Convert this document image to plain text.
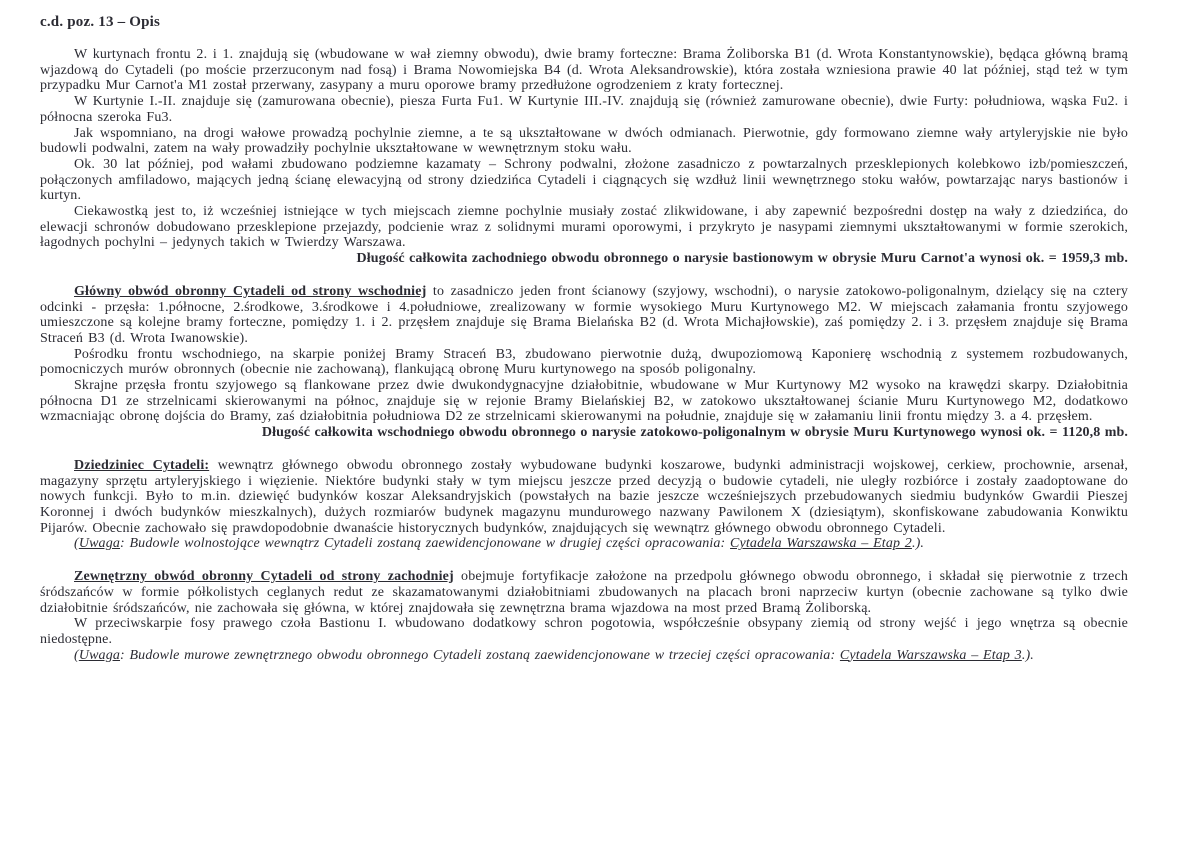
c.d. poz. 13 – Opis

W kurtynach frontu 2. i 1. znajdują się (wbudowane w wał ziemny obwodu), dwie bramy forteczne: Brama Żoliborska B1 (d. Wrota Konstantynowskie), będąca główną bramą wjazdową do Cytadeli (po moście przerzuconym nad fosą) i Brama Nowomiejska B4 (d. Wrota Aleksandrowskie), która została wzniesiona prawie 40 lat później, stąd też w tym przypadku Mur Carnot'a M1 został przerwany, zasypany a muru oporowe bramy przedłużone ogrodzeniem z kraty fortecznej.

W Kurtynie I.-II. znajduje się (zamurowana obecnie), piesza Furta Fu1. W Kurtynie III.-IV. znajdują się (również zamurowane obecnie), dwie Furty: południowa, wąska Fu2. i północna szeroka Fu3.

Jak wspomniano, na drogi wałowe prowadzą pochylnie ziemne, a te są ukształtowane w dwóch odmianach. Pierwotnie, gdy formowano ziemne wały artyleryjskie nie było budowli podwalni, zatem na wały prowadziły pochylnie ukształtowane w wewnętrznym stoku wału.

Ok. 30 lat później, pod wałami zbudowano podziemne kazamaty – Schrony podwalni, złożone zasadniczo z powtarzalnych przesklepionych kolebkowo izb/pomieszczeń, połączonych amfiladowo, mających jedną ścianę elewacyjną od strony dziedzińca Cytadeli i ciągnących się wzdłuż linii wewnętrznego stoku wałów, powtarzając narys bastionów i kurtyn.

Ciekawostką jest to, iż wcześniej istniejące w tych miejscach ziemne pochylnie musiały zostać zlikwidowane, i aby zapewnić bezpośredni dostęp na wały z dziedzińca, do elewacji schronów dobudowano przesklepione przejazdy, podcienie wraz z solidnymi murami oporowymi, i przykryto je nasypami ziemnymi ukształtowanymi w formie szerokich, łagodnych pochylni – jedynych takich w Twierdzy Warszawa.

Długość całkowita zachodniego obwodu obronnego o narysie bastionowym w obrysie Muru Carnot'a wynosi ok. = 1959,3 mb.

Główny obwód obronny Cytadeli od strony wschodniej to zasadniczo jeden front ścianowy (szyjowy, wschodni), o narysie zatokowo-poligonalnym, dzielący się na cztery odcinki - przęsła: 1.północne, 2.środkowe, 3.środkowe i 4.południowe, zrealizowany w formie wysokiego Muru Kurtynowego M2. W miejscach załamania frontu szyjowego umieszczone są kolejne bramy forteczne, pomiędzy 1. i 2. przęsłem znajduje się Brama Bielańska B2 (d. Wrota Michajłowskie), zaś pomiędzy 2. i 3. przęsłem znajduje się Brama Straceń B3 (d. Wrota Iwanowskie).

Pośrodku frontu wschodniego, na skarpie poniżej Bramy Straceń B3, zbudowano pierwotnie dużą, dwupoziomową Kaponierę wschodnią z systemem rozbudowanych, pomocniczych murów obronnych (obecnie nie zachowaną), flankującą obronę Muru kurtynowego na sposób poligonalny.

Skrajne przęsła frontu szyjowego są flankowane przez dwie dwukondygnacyjne działobitnie, wbudowane w Mur Kurtynowy M2 wysoko na krawędzi skarpy. Działobitnia północna D1 ze strzelnicami skierowanymi na północ, znajduje się w rejonie Bramy Bielańskiej B2, w zatokowo ukształtowanej ścianie Muru Kurtynowego M2, dodatkowo wzmacniając obronę dojścia do Bramy, zaś działobitnia południowa D2 ze strzelnicami skierowanymi na południe, znajduje się w załamaniu linii frontu między 3. a 4. przęsłem.

Długość całkowita wschodniego obwodu obronnego o narysie zatokowo-poligonalnym w obrysie Muru Kurtynowego wynosi ok. = 1120,8 mb.

Dziedziniec Cytadeli: wewnątrz głównego obwodu obronnego zostały wybudowane budynki koszarowe, budynki administracji wojskowej, cerkiew, prochownie, arsenał, magazyny sprzętu artyleryjskiego i więzienie. Niektóre budynki stały w tym miejscu jeszcze przed decyzją o budowie cytadeli, nie uległy rozbiórce i zostały zaadoptowane do nowych funkcji. Było to m.in. dziewięć budynków koszar Aleksandryjskich (powstałych na bazie jeszcze wcześniejszych przebudowanych siedmiu budynków Gwardii Pieszej Koronnej i dwóch budynków mieszkalnych), dużych rozmiarów budynek magazynu mundurowego nazwany Pawilonem X (dziesiątym), skonfiskowane zabudowania Konwiktu Pijarów. Obecnie zachowało się prawdopodobnie dwanaście historycznych budynków, znajdujących się wewnątrz głównego obwodu obronnego Cytadeli.

(Uwaga: Budowle wolnostojące wewnątrz Cytadeli zostaną zaewidencjonowane w drugiej części opracowania: Cytadela Warszawska – Etap 2.).

Zewnętrzny obwód obronny Cytadeli od strony zachodniej obejmuje fortyfikacje założone na przedpolu głównego obwodu obronnego, i składał się pierwotnie z trzech śródszańców w formie półkolistych ceglanych redut ze skazamatowanymi działobitniami zbudowanych na placach broni naprzeciw kurtyn (obecnie zachowane są tylko dwie działobitnie śródszańców, nie zachowała się główna, w której znajdowała się zewnętrzna brama wjazdowa na most przed Bramą Żoliborską.

W przeciwskarpie fosy prawego czoła Bastionu I. wbudowano dodatkowy schron pogotowia, współcześnie obsypany ziemią od strony wejść i jego wnętrza są obecnie niedostępne.

(Uwaga: Budowle murowe zewnętrznego obwodu obronnego Cytadeli zostaną zaewidencjonowane w trzeciej części opracowania: Cytadela Warszawska – Etap 3.).
